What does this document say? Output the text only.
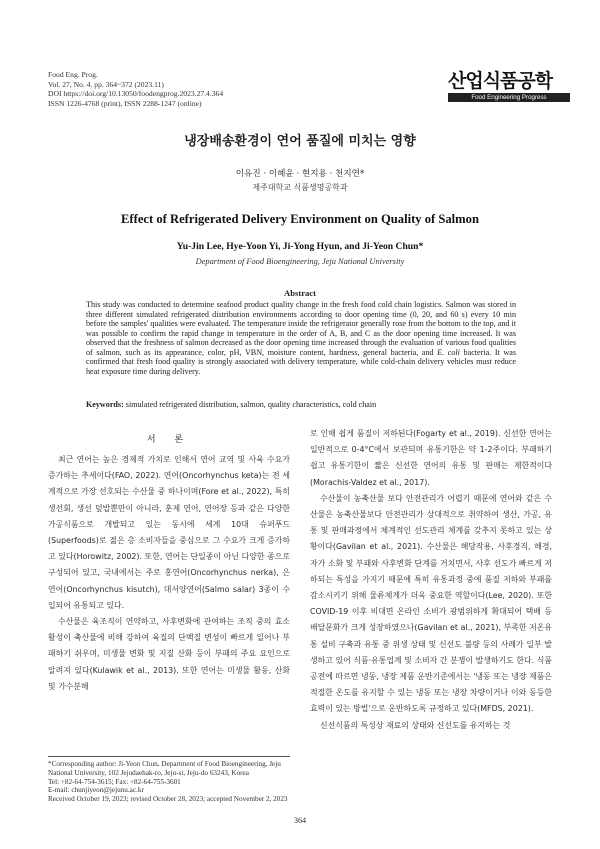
Food Eng. Prog.
Vol. 27, No. 4. pp. 364~372 (2023.11)
DOI https://doi.org/10.13050/foodengprog.2023.27.4.364
ISSN 1226-4768 (print), ISSN 2288-1247 (online)
산업식품공학
Food Engineering Progress
냉장배송환경이 연어 품질에 미치는 영향
이유진 · 이혜윤 · 현지용 · 천지연*
제주대학교 식품생명공학과
Effect of Refrigerated Delivery Environment on Quality of Salmon
Yu-Jin Lee, Hye-Yoon Yi, Ji-Yong Hyun, and Ji-Yeon Chun*
Department of Food Bioengineering, Jeju National University
Abstract
This study was conducted to determine seafood product quality change in the fresh food cold chain logistics. Salmon was stored in three different simulated refrigerated distribution environments according to door opening time (0, 20, and 60 s) every 10 min before the samples' qualities were evaluated. The temperature inside the refrigerator generally rose from the bottom to the top, and it was possible to confirm the rapid change in temperature in the order of A, B, and C as the door opening time increased. It was observed that the freshness of salmon decreased as the door opening time increased through the evaluation of various food qualities of salmon, such as its appearance, color, pH, VBN, moisture content, hardness, general bacteria, and E. coli bacteria. It was confirmed that fresh food quality is strongly associated with delivery temperature, while cold-chain delivery vehicles must reduce heat exposure time during delivery.
Keywords: simulated refrigerated distribution, salmon, quality characteristics, cold chain
서 론

최근 연어는 높은 경제적 가치로 인해서 연어 교역 및 사육 수요가 증가하는 추세이다(FAO, 2022). 연어(Oncorhynchus keta)는 전 세계적으로 가장 선호되는 수산물 중 하나이며(Fore et al., 2022), 특히 생선회, 생선 덮밥뿐만이 아니라, 훈제 연어, 연어장 등과 같은 다양한 가공식품으로 개발되고 있는 동시에 세계 10대 슈퍼푸드(Superfoods)로 젊은 층 소비자들을 중심으로 그 수요가 크게 증가하고 있다(Horowitz, 2002). 또한, 연어는 단일종이 아닌 다양한 종으로 구성되어 있고, 국내에서는 주로 홍연어(Oncorhynchus nerka), 은연어(Oncorhynchus kisutch), 대서양연어(Salmo salar) 3종이 수입되어 유통되고 있다.

수산물은 육조직이 연약하고, 사후변화에 관여하는 조직 중의 효소 활성이 축산물에 비해 강하여 육질의 단백질 변성이 빠르게 일어나 부패하기 쉬우며, 미생물 변화 및 지질 산화 등이 부패의 주요 요인으로 알려져 있다(Kulawik et al., 2013). 또한 연어는 미생물 활동, 산화 및 가수분해

로 인해 쉽게 품질이 저하된다(Fogarty et al., 2019). 신선한 연어는 일반적으로 0-4°C에서 보관되며 유통기한은 약 1-2주이다. 부패하기 쉽고 유통기한이 짧은 신선한 연어의 유통 및 판매는 제한적이다(Morachis-Valdez et al., 2017).

수산물이 농축산물 보다 안전관리가 어렵기 때문에 연어와 같은 수산물은 농축산물보다 안전관리가 상대적으로 취약하여 생산, 가공, 유통 및 판매과정에서 체계적인 선도관리 체계를 갖추지 못하고 있는 상황이다(Gavilan et al., 2021). 수산물은 해당작용, 사후경직, 해경, 자가 소화 및 부패와 사후변화 단계를 거치면서, 사후 선도가 빠르게 저하되는 특성을 가지기 때문에 특히 유통과정 중에 품질 저하와 부패를 감소시키기 위해 물류체계가 더욱 중요한 역할이다(Lee, 2020). 또한 COVID-19 이후 비대면 온라인 소비가 광범위하게 확대되어 택배 등 배달문화가 크게 성장하였으나(Gavilan et al., 2021), 부족한 저온유통 설비 구축과 유통 중 위생 상태 및 신선도 불량 등의 사례가 일부 발생하고 있어 식품·유통업계 및 소비자 간 분쟁이 발생하기도 한다. 식품공전에 따르면 냉동, 냉장 제품 운반기준에서는 '냉동 또는 냉장 제품은 적절한 온도를 유지할 수 있는 냉동 또는 냉장 차량이거나 이와 동등한 효력이 있는 방법'으로 운반하도록 규정하고 있다(MFDS, 2021).

신선식품의 특성상 재료의 상태와 신선도를 유지하는 것

*Corresponding author: Ji-Yeon Chun, Department of Food Bioengineering, Jeju National University, 102 Jejudaehak-ro, Jeju-si, Jeju-do 63243, Korea

Tel: +82-64-754-3615; Fax: +82-64-755-3601

E-mail: chunjiyeon@jejunu.ac.kr

Received October 19, 2023; revised October 28, 2023; accepted November 2, 2023

364
